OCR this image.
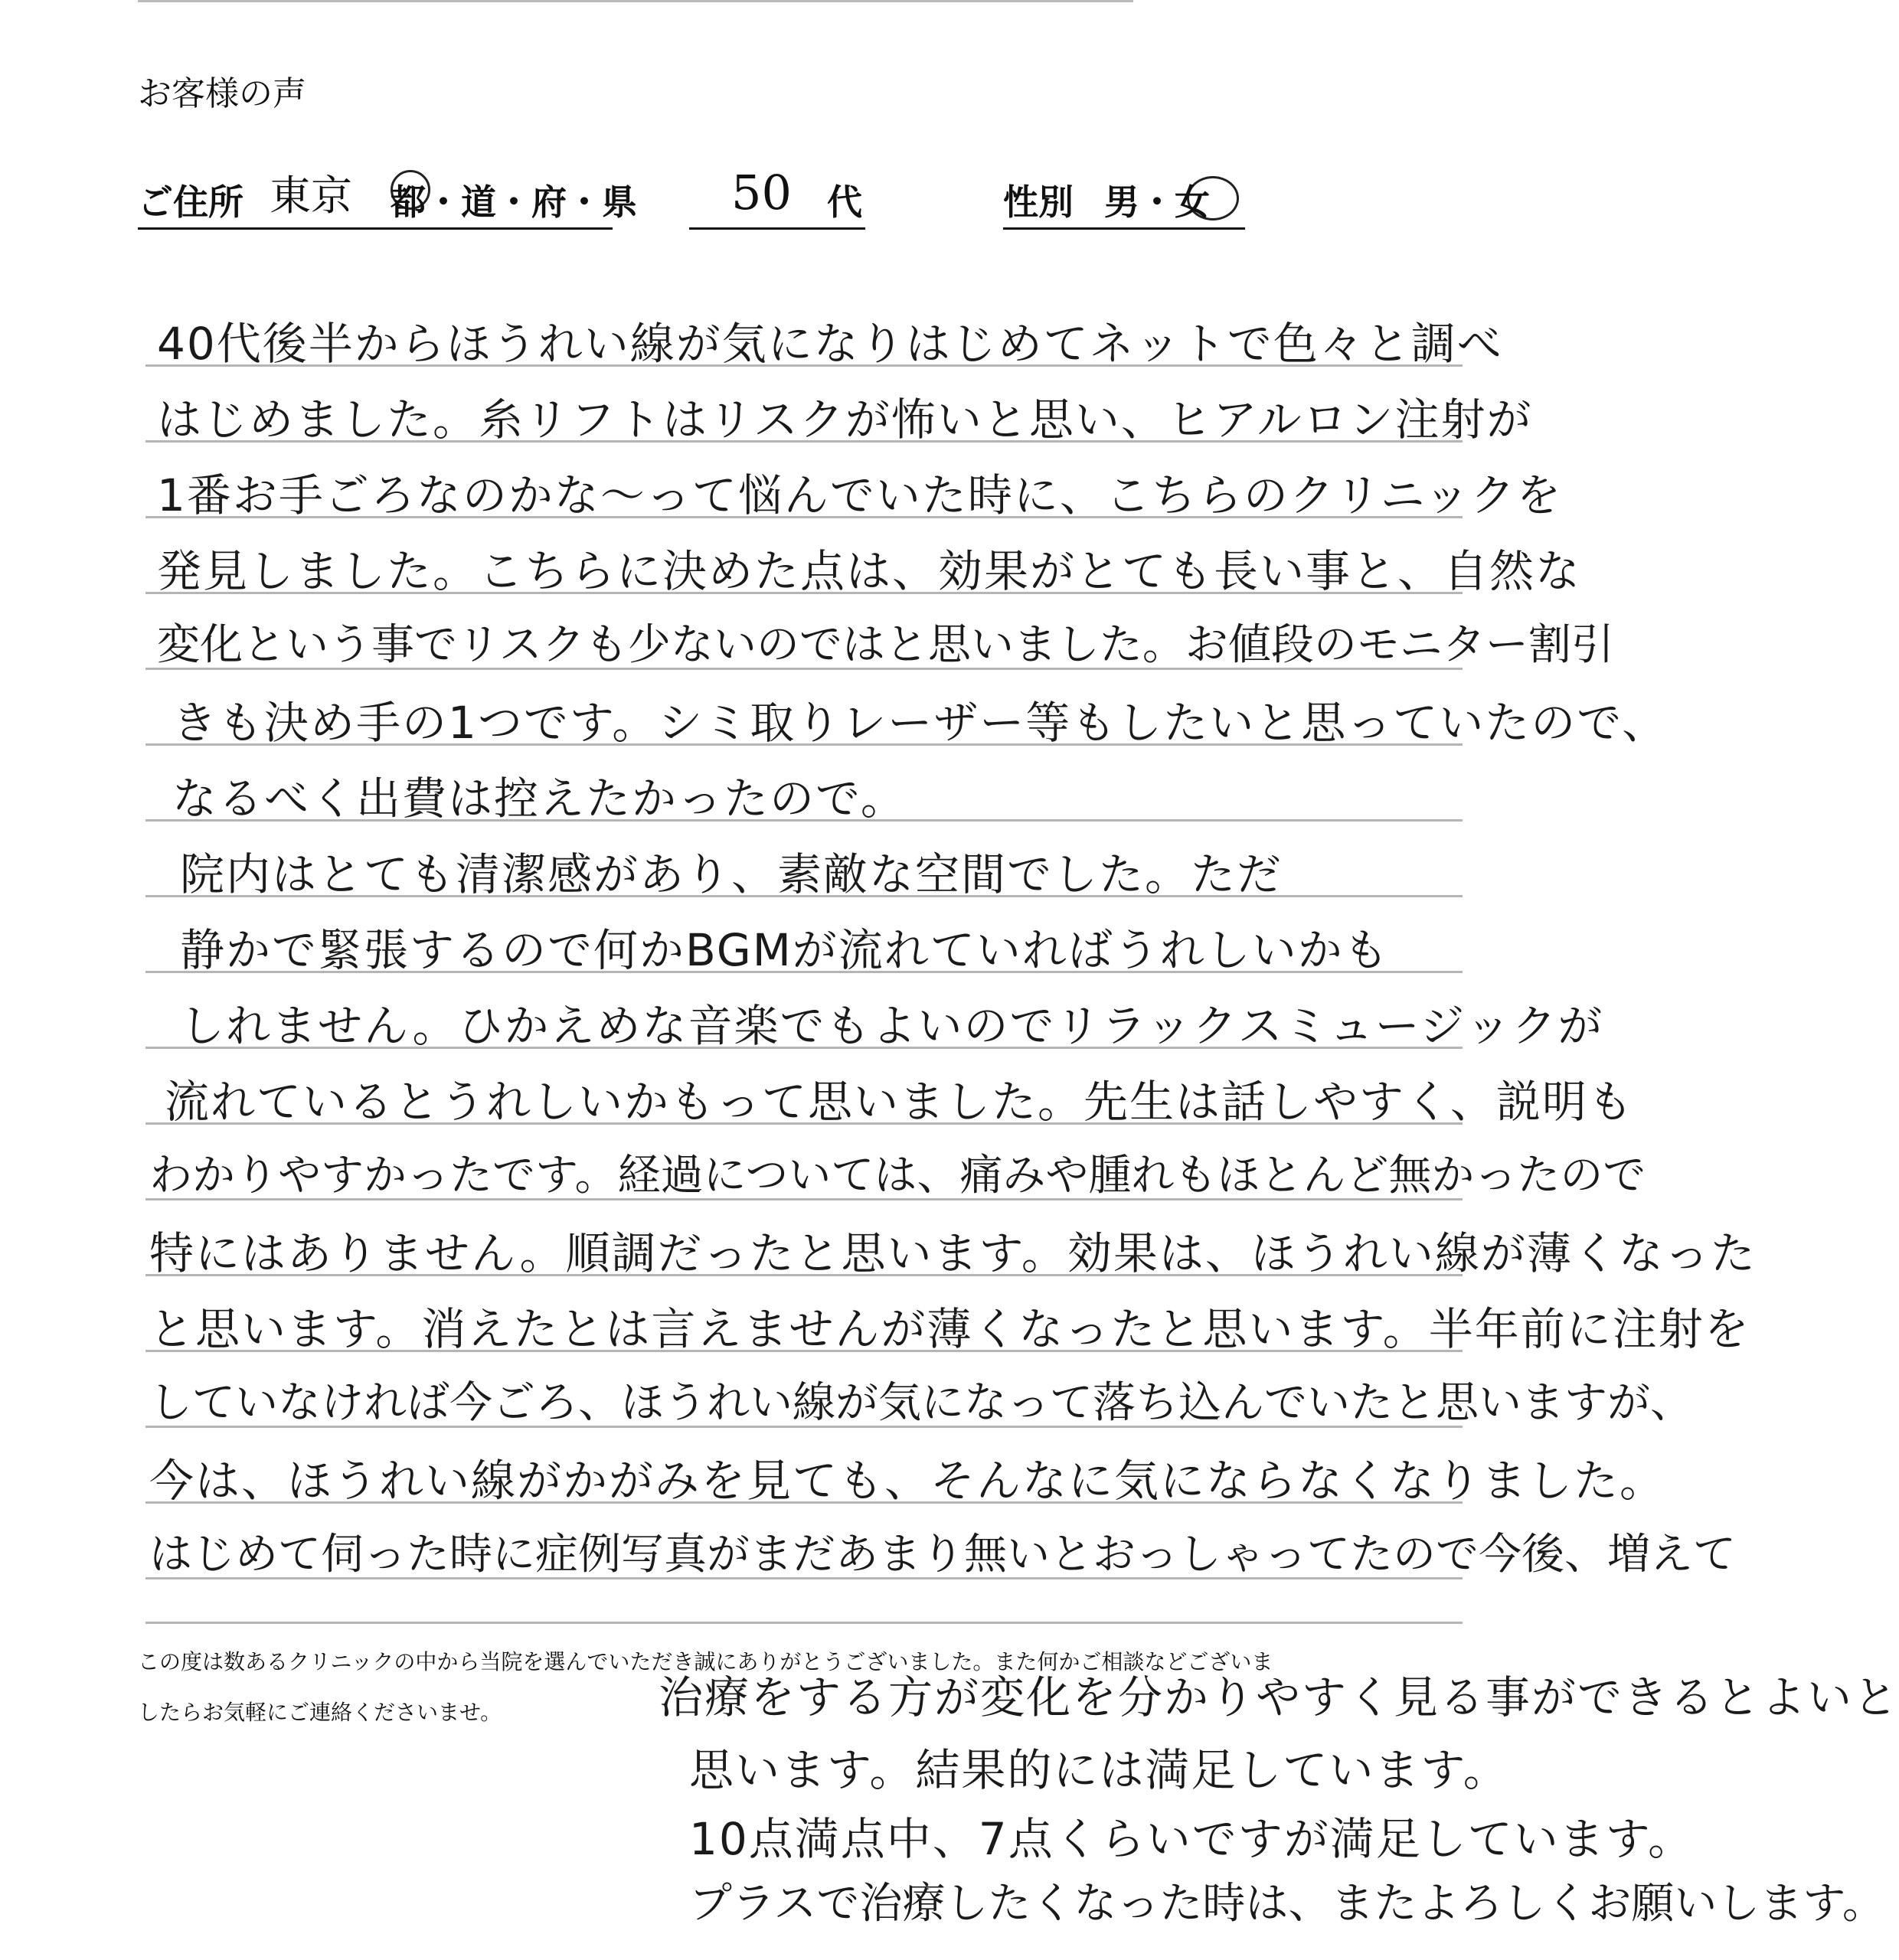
お客様の声
ご住所 東京 都・道・府・県 50 代	性別 男・女
40代後半からほうれい線が気になりはじめてネットで色々と調べ
はじめました。糸リフトはリスクが怖いと思い、ヒアルロン注射が
1番お手ごろなのかな～って悩んでいた時に、こちらのクリニックを
発見しました。こちらに決めた点は、効果がとても長い事と、自然な
変化という事でリスクも少ないのではと思いました。お値段のモニター割引
きも決め手の1つです。シミ取りレーザー等もしたいと思っていたので、
なるべく出費は控えたかったので。
院内はとても清潔感があり、素敵な空間でした。ただ
静かで緊張するので何かBGMが流れていればうれしいかも
しれません。ひかえめな音楽でもよいのでリラックスミュージックが
流れているとうれしいかもって思いました。先生は話しやすく、説明も
わかりやすかったです。経過については、痛みや腫れもほとんど無かったので
特にはありません。順調だったと思います。効果は、ほうれい線が薄くなった
と思います。消えたとは言えませんが薄くなったと思います。半年前に注射を
していなければ今ごろ、ほうれい線が気になって落ち込んでいたと思いますが、
今は、ほうれい線がかがみを見ても、そんなに気にならなくなりました。
はじめて伺った時に症例写真がまだあまり無いとおっしゃってたので今後、増えて
治療をする方が変化を分かりやすく見る事ができるとよいと
思います。結果的には満足しています。
10点満点中、7点くらいですが満足しています。
プラスで治療したくなった時は、またよろしくお願いします。
この度は数あるクリニックの中から当院を選んでいただき誠にありがとうございました。また何かご相談などございま
したらお気軽にご連絡くださいませ。
